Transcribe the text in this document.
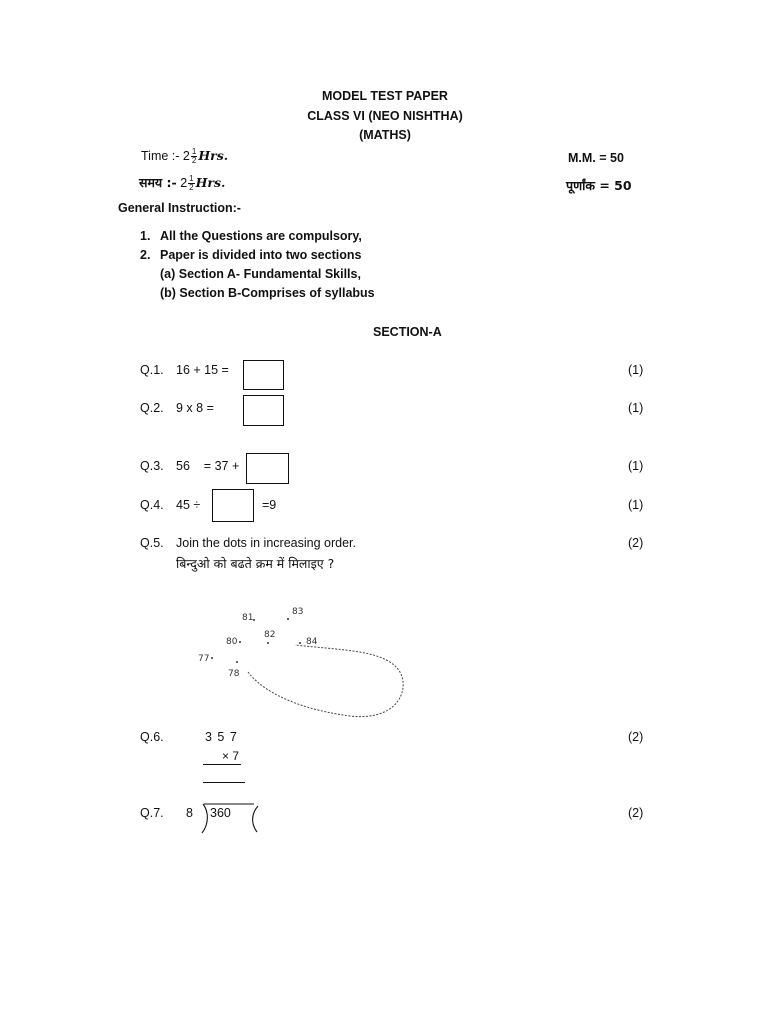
MODEL TEST PAPER
CLASS VI (NEO NISHTHA)
(MATHS)
Time :- $2 \frac{1}{2}$ Hrs.	M.M. = 50
समय :- $2 \frac{1}{2}$ Hrs.	पूर्णांक = 50
General Instruction:-
1. All the Questions are compulsory,
2. Paper is divided into two sections
(a) Section A- Fundamental Skills,
(b) Section B-Comprises of syllabus
SECTION-A
Q.1. 16 + 15 =	(1)
Q.2. 9 x 8 =	(1)
Q.3. 56    = 37 +	(1)
Q.4. 45 ÷	=9	(1)
Q.5. Join the dots in increasing order.
बिन्दुओ को बढते क्रम में मिलाइए ?
(2)
81
83
80
82
84
77
78
Q.6.	3 5 7
× 7
(2)
Q.7. 8 360	(2)
